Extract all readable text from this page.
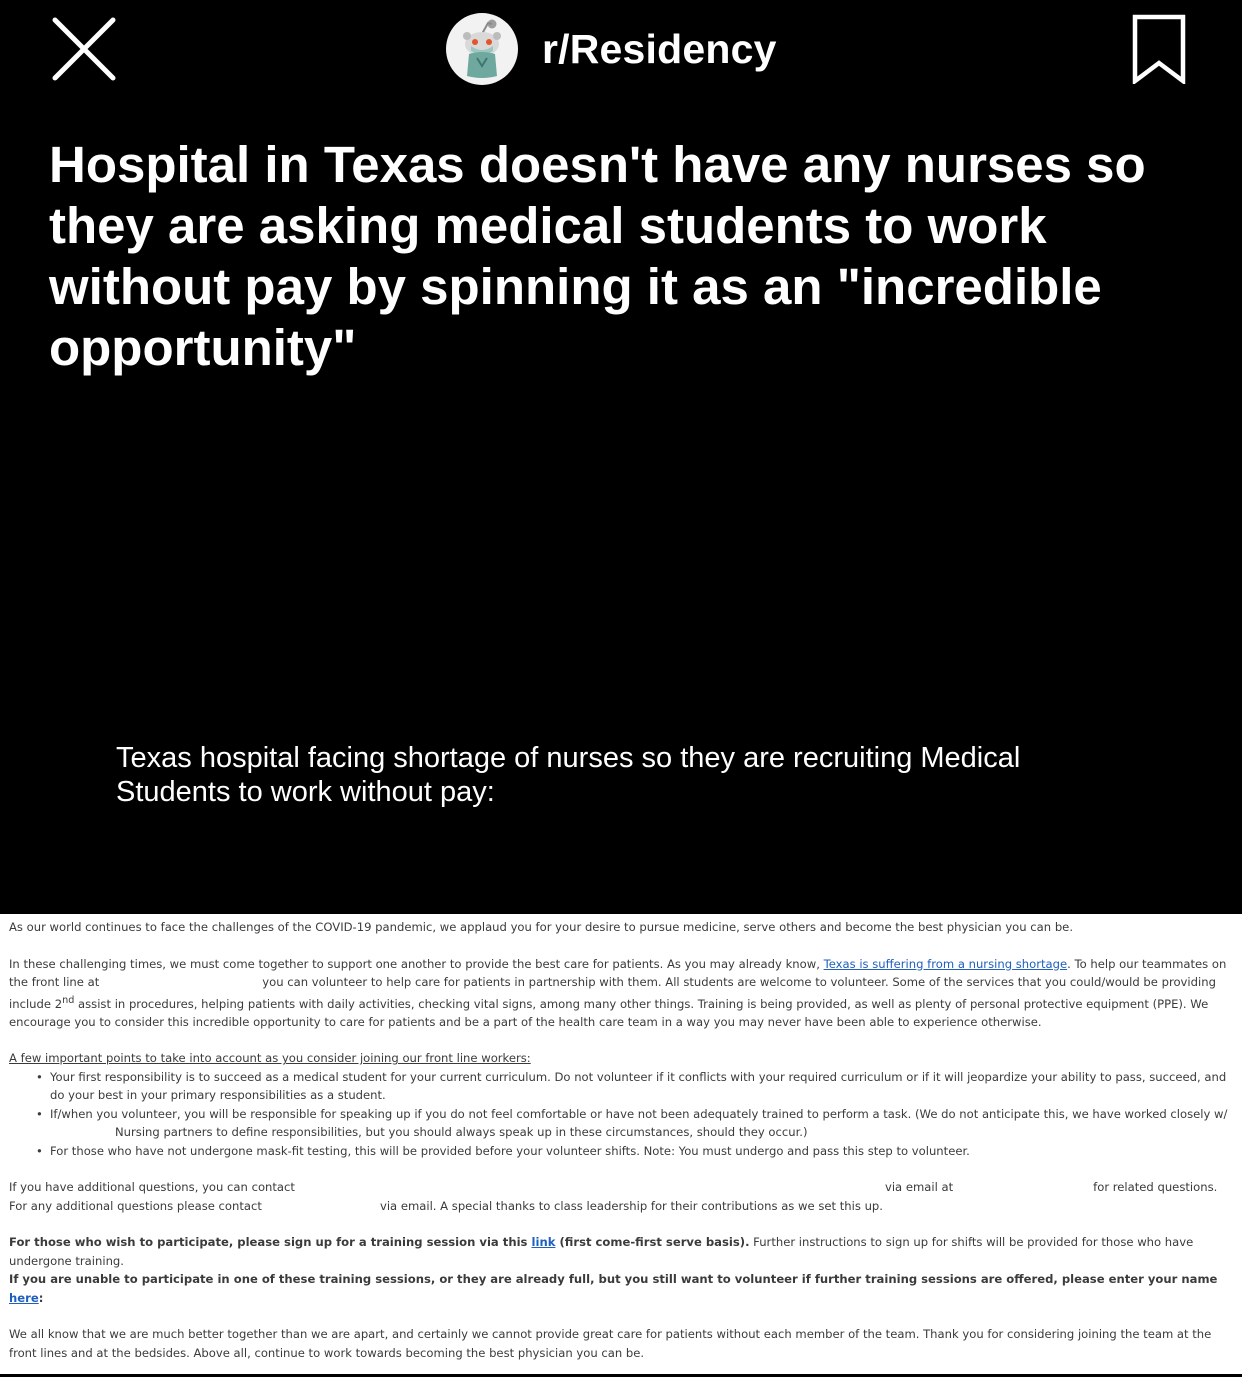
r/Residency
Hospital in Texas doesn't have any nurses so they are asking medical students to work without pay by spinning it as an "incredible opportunity"
Texas hospital facing shortage of nurses so they are recruiting Medical Students to work without pay:

As our world continues to face the challenges of the COVID-19 pandemic, we applaud you for your desire to pursue medicine, serve others and become the best physician you can be.

In these challenging times, we must come together to support one another to provide the best care for patients. As you may already know, Texas is suffering from a nursing shortage. To help our teammates on the front line at	you can volunteer to help care for patients in partnership with them. All students are welcome to volunteer. Some of the services that you could/would be providing include 2nd assist in procedures, helping patients with daily activities, checking vital signs, among many other things. Training is being provided, as well as plenty of personal protective equipment (PPE). We encourage you to consider this incredible opportunity to care for patients and be a part of the health care team in a way you may never have been able to experience otherwise.

A few important points to take into account as you consider joining our front line workers:

• Your first responsibility is to succeed as a medical student for your current curriculum. Do not volunteer if it conflicts with your required curriculum or if it will jeopardize your ability to pass, succeed, and do your best in your primary responsibilities as a student.
• If/when you volunteer, you will be responsible for speaking up if you do not feel comfortable or have not been adequately trained to perform a task. (We do not anticipate this, we have worked closely w/Nursing partners to define responsibilities, but you should always speak up in these circumstances, should they occur.)
• For those who have not undergone mask-fit testing, this will be provided before your volunteer shifts. Note: You must undergo and pass this step to volunteer.

If you have additional questions, you can contact	via email at	for related questions. For any additional questions please contact	via email. A special thanks to class leadership for their contributions as we set this up.

For those who wish to participate, please sign up for a training session via this link (first come-first serve basis). Further instructions to sign up for shifts will be provided for those who have undergone training.

If you are unable to participate in one of these training sessions, or they are already full, but you still want to volunteer if further training sessions are offered, please enter your name here:

We all know that we are much better together than we are apart, and certainly we cannot provide great care for patients without each member of the team. Thank you for considering joining the team at the front lines and at the bedsides. Above all, continue to work towards becoming the best physician you can be.
